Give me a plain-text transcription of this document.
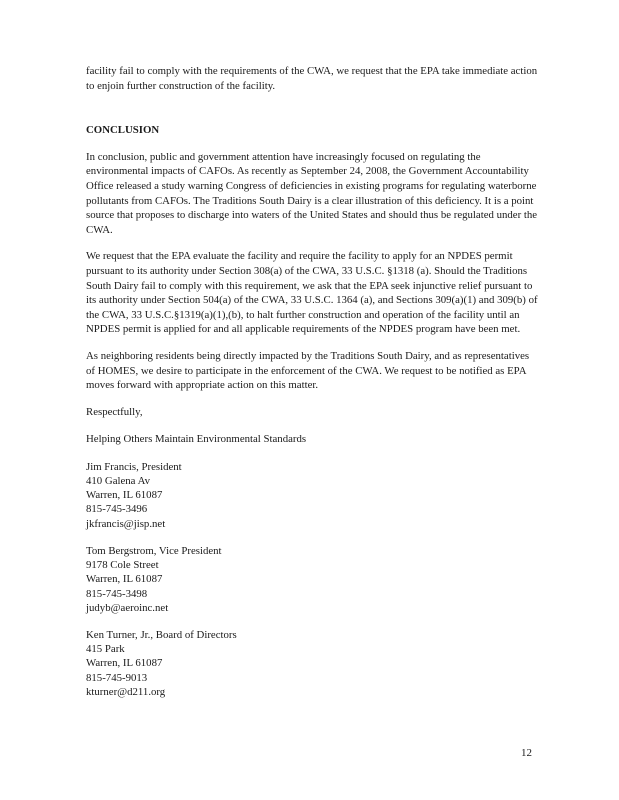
facility fail to comply with the requirements of the CWA, we request that the EPA take immediate action to enjoin further construction of the facility.

CONCLUSION

In conclusion, public and government attention have increasingly focused on regulating the environmental impacts of CAFOs. As recently as September 24, 2008, the Government Accountability Office released a study warning Congress of deficiencies in existing programs for regulating waterborne pollutants from CAFOs. The Traditions South Dairy is a clear illustration of this deficiency. It is a point source that proposes to discharge into waters of the United States and should thus be regulated under the CWA.

We request that the EPA evaluate the facility and require the facility to apply for an NPDES permit pursuant to its authority under Section 308(a) of the CWA, 33 U.S.C. §1318 (a). Should the Traditions South Dairy fail to comply with this requirement, we ask that the EPA seek injunctive relief pursuant to its authority under Section 504(a) of the CWA, 33 U.S.C. 1364 (a), and Sections 309(a)(1) and 309(b) of the CWA, 33 U.S.C.§1319(a)(1),(b), to halt further construction and operation of the facility until an NPDES permit is applied for and all applicable requirements of the NPDES program have been met.

As neighboring residents being directly impacted by the Traditions South Dairy, and as representatives of HOMES, we desire to participate in the enforcement of the CWA. We request to be notified as EPA moves forward with appropriate action on this matter.

Respectfully,

Helping Others Maintain Environmental Standards

Jim Francis, President
410 Galena Av
Warren, IL 61087
815-745-3496
jkfrancis@jisp.net
Tom Bergstrom, Vice President
9178 Cole Street
Warren, IL 61087
815-745-3498
judyb@aeroinc.net
Ken Turner, Jr., Board of Directors
415 Park
Warren, IL 61087
815-745-9013
kturner@d211.org
12
